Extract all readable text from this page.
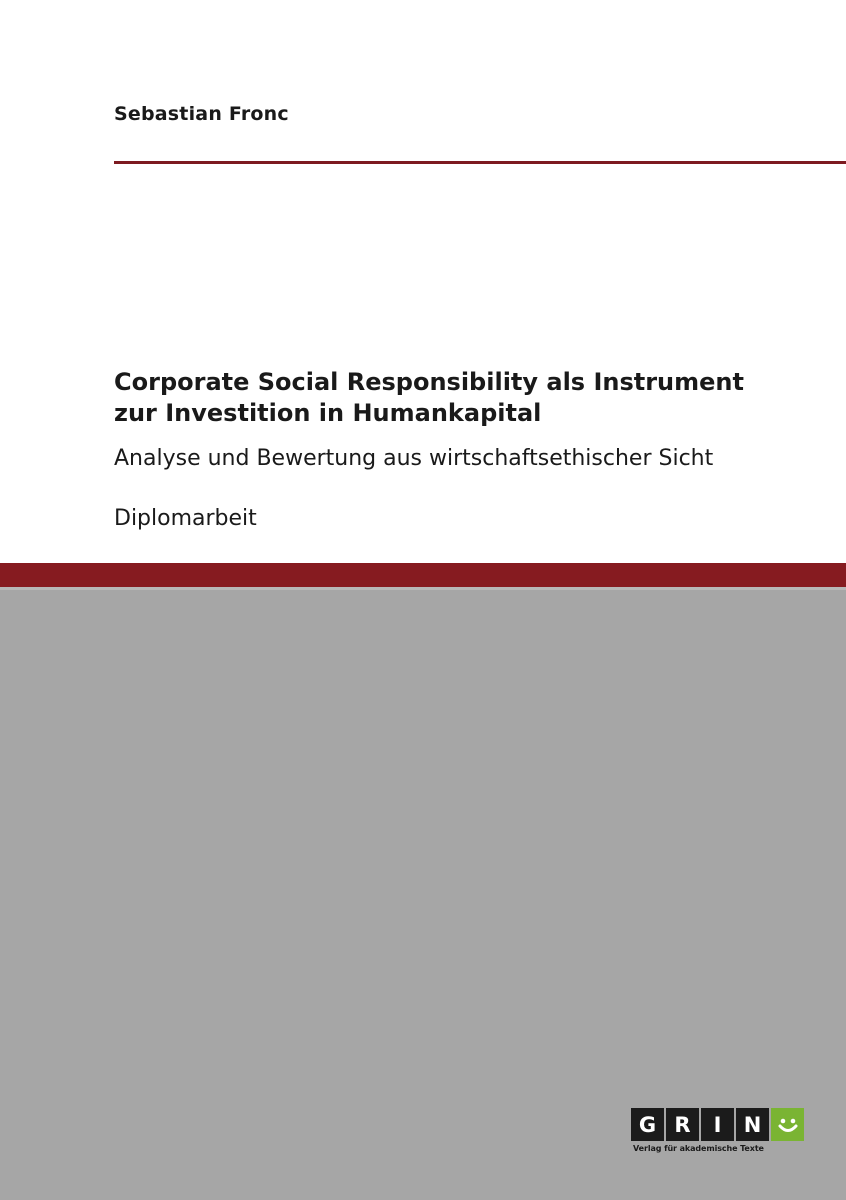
Sebastian Fronc
Corporate Social Responsibility als Instrument
zur Investition in Humankapital
Analyse und Bewertung aus wirtschaftsethischer Sicht
Diplomarbeit
G R	I	N
Verlag für akademische Texte
